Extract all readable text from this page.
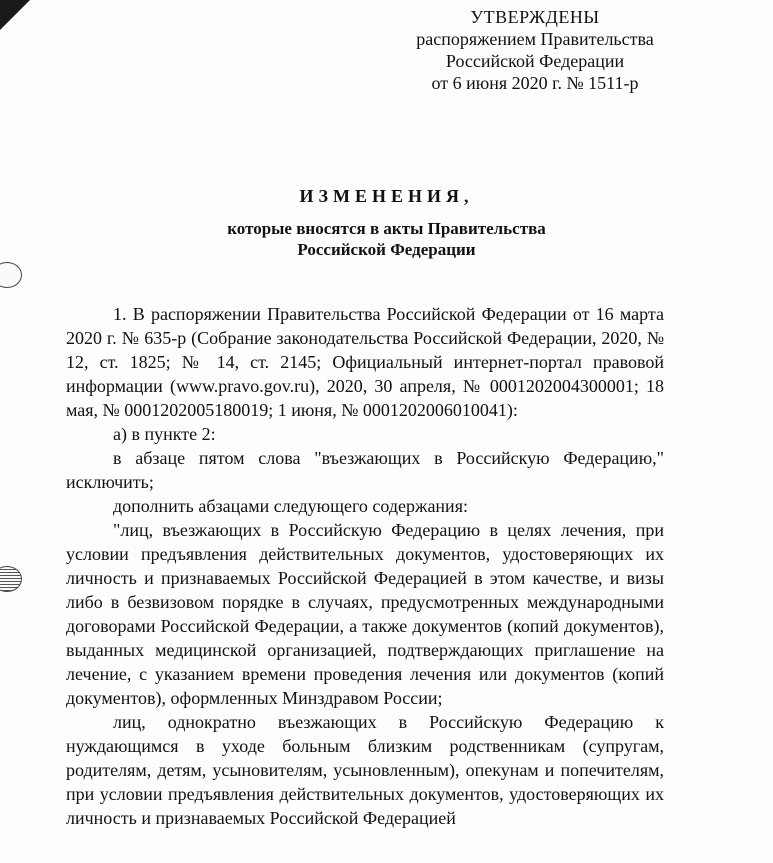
УТВЕРЖДЕНЫ
распоряжением Правительства
Российской Федерации
от 6 июня 2020 г. № 1511-р
ИЗМЕНЕНИЯ,
которые вносятся в акты Правительства
Российской Федерации

1. В распоряжении Правительства Российской Федерации от 16 марта 2020 г. № 635-р (Собрание законодательства Российской Федерации, 2020, № 12, ст. 1825; № 14, ст. 2145; Официальный интернет-портал правовой информации (www.pravo.gov.ru), 2020, 30 апреля, № 0001202004300001; 18 мая, № 0001202005180019; 1 июня, № 0001202006010041):

а) в пункте 2:

в абзаце пятом слова "въезжающих в Российскую Федерацию," исключить;

дополнить абзацами следующего содержания:

"лиц, въезжающих в Российскую Федерацию в целях лечения, при условии предъявления действительных документов, удостоверяющих их личность и признаваемых Российской Федерацией в этом качестве, и визы либо в безвизовом порядке в случаях, предусмотренных международными договорами Российской Федерации, а также документов (копий документов), выданных медицинской организацией, подтверждающих приглашение на лечение, с указанием времени проведения лечения или документов (копий документов), оформленных Минздравом России;

лиц, однократно въезжающих в Российскую Федерацию к нуждающимся в уходе больным близким родственникам (супругам, родителям, детям, усыновителям, усыновленным), опекунам и попечителям, при условии предъявления действительных документов, удостоверяющих их личность и признаваемых Российской Федерацией
